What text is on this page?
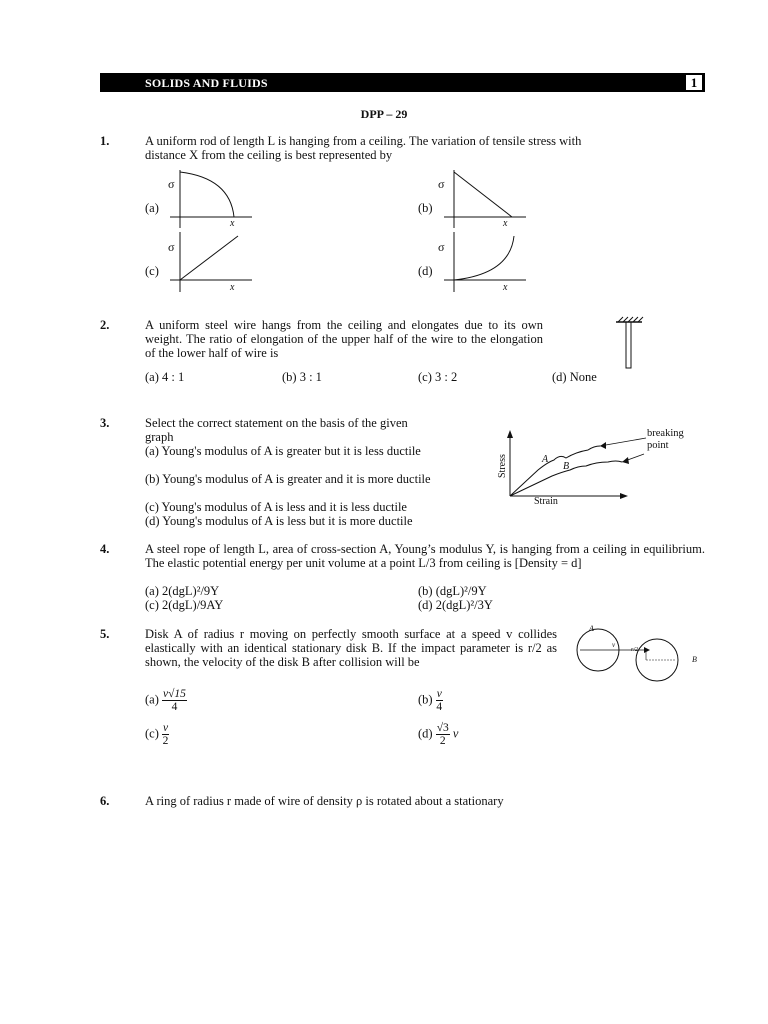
SOLIDS AND FLUIDS	1
DPP – 29
1.	A uniform rod of length L is hanging from a ceiling. The variation of tensile stress with
distance X from the ceiling is best represented by
σ
(a)
x
σ
(b)
x
σ
(c)
x
σ
(d)
x
2.	A uniform steel wire hangs from the ceiling and elongates due to its own weight. The ratio of elongation of the upper half of the wire to the elongation of the lower half of wire is
(a) 4 : 1	(b) 3 : 1	(c) 3 : 2	(d) None
3.	Select the correct statement on the basis of the given
graph
(a) Young's modulus of A is greater but it is less ductile
(b) Young's modulus of A is greater and it is more ductile
(c) Young's modulus of A is less and it is less ductile
(d) Young's modulus of A is less but it is more ductile
Stress
Strain
A
B
breaking
point
4.	A steel rope of length L, area of cross-section A, Young’s modulus Y, is hanging from a ceiling in equilibrium. The elastic potential energy per unit volume at a point L/3 from ceiling is [Density = d]
(a) 2(dgL)²/9Y	(b) (dgL)²/9Y
(c) 2(dgL)/9AY	(d) 2(dgL)²/3Y
5.	Disk A of radius r moving on perfectly smooth surface at a speed v collides elastically with an identical stationary disk B. If the impact parameter is r/2 as shown, the velocity of the disk B after collision will be
A
B
v
r/2
$(a) \frac{v√15}{4}$	$(b) \frac{v}{4}$
$(c) \frac{v}{2}$	$(d) \frac{√3}{2}$ v
6.	A ring of radius r made of wire of density ρ is rotated about a stationary
